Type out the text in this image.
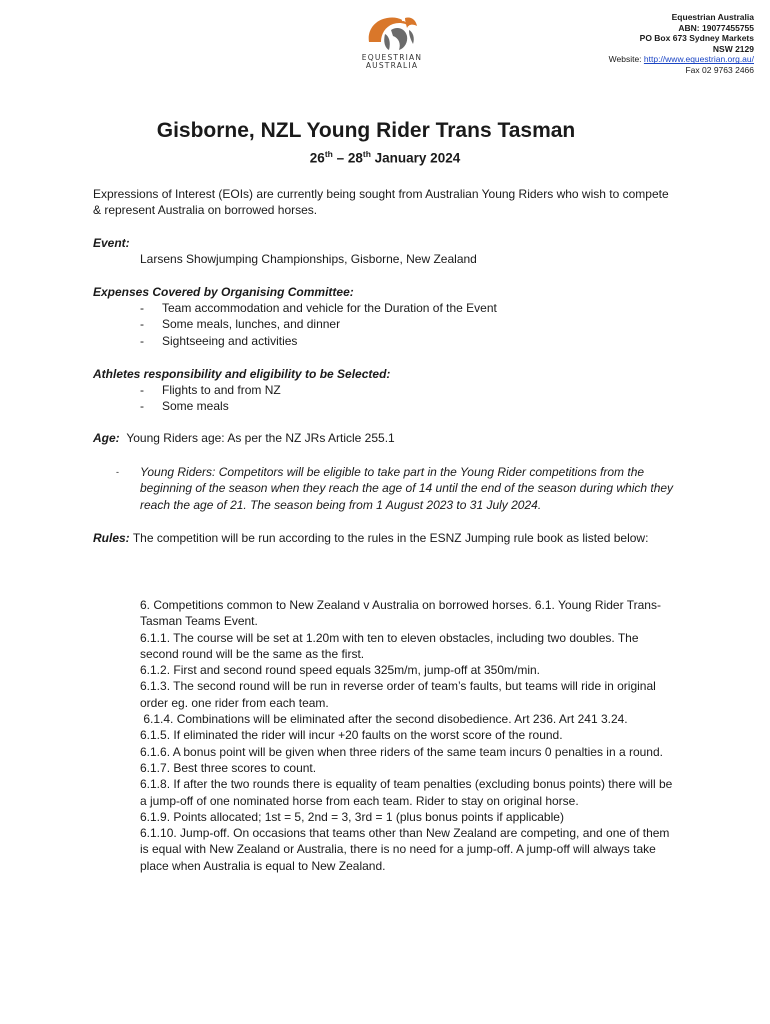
EQUESTRIAN
AUSTRALIA
Equestrian Australia
ABN: 19077455755
PO Box 673 Sydney Markets
NSW 2129
Website: http://www.equestrian.org.au/
Fax 02 9763 2466
Gisborne, NZL Young Rider Trans Tasman
26th – 28th January 2024
Expressions of Interest (EOIs) are currently being sought from Australian Young Riders who wish to compete & represent Australia on borrowed horses.
Event:
Larsens Showjumping Championships, Gisborne, New Zealand
Expenses Covered by Organising Committee:
- Team accommodation and vehicle for the Duration of the Event
- Some meals, lunches, and dinner
- Sightseeing and activities
Athletes responsibility and eligibility to be Selected:
- Flights to and from NZ
- Some meals
Age: Young Riders age: As per the NZ JRs Article 255.1
- Young Riders: Competitors will be eligible to take part in the Young Rider competitions from the beginning of the season when they reach the age of 14 until the end of the season during which they reach the age of 21. The season being from 1 August 2023 to 31 July 2024.
Rules: The competition will be run according to the rules in the ESNZ Jumping rule book as listed below:

6. Competitions common to New Zealand v Australia on borrowed horses. 6.1. Young Rider Trans-Tasman Teams Event.

6.1.1. The course will be set at 1.20m with ten to eleven obstacles, including two doubles. The second round will be the same as the first.

6.1.2. First and second round speed equals 325m/m, jump-off at 350m/min.

6.1.3. The second round will be run in reverse order of team’s faults, but teams will ride in original order eg. one rider from each team.

6.1.4. Combinations will be eliminated after the second disobedience. Art 236. Art 241 3.24.

6.1.5. If eliminated the rider will incur +20 faults on the worst score of the round.

6.1.6. A bonus point will be given when three riders of the same team incurs 0 penalties in a round.

6.1.7. Best three scores to count.

6.1.8. If after the two rounds there is equality of team penalties (excluding bonus points) there will be a jump-off of one nominated horse from each team. Rider to stay on original horse.

6.1.9. Points allocated; 1st = 5, 2nd = 3, 3rd = 1 (plus bonus points if applicable)

6.1.10. Jump-off. On occasions that teams other than New Zealand are competing, and one of them is equal with New Zealand or Australia, there is no need for a jump-off. A jump-off will always take place when Australia is equal to New Zealand.
